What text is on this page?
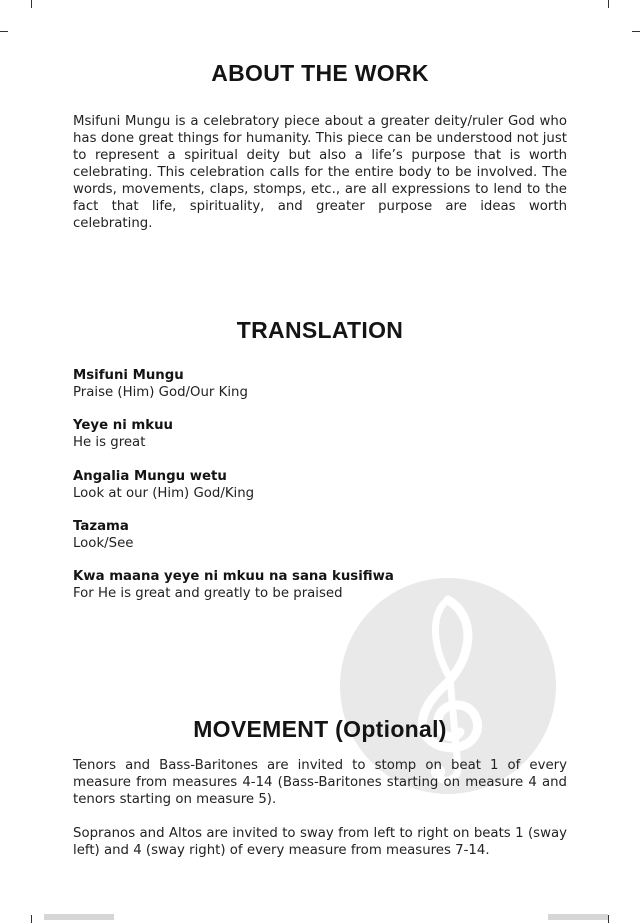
ABOUT THE WORK

Msifuni Mungu is a celebratory piece about a greater deity/ruler God who has done great things for humanity. This piece can be understood not just to represent a spiritual deity but also a life’s purpose that is worth celebrating. This celebration calls for the entire body to be involved. The words, movements, claps, stomps, etc., are all expressions to lend to the fact that life, spirituality, and greater purpose are ideas worth celebrating.

TRANSLATION
Msifuni Mungu
Praise (Him) God/Our King
Yeye ni mkuu
He is great
Angalia Mungu wetu
Look at our (Him) God/King
Tazama
Look/See
Kwa maana yeye ni mkuu na sana kusifiwa
For He is great and greatly to be praised
MOVEMENT (Optional)

Tenors and Bass-Baritones are invited to stomp on beat 1 of every measure from measures 4-14 (Bass-Baritones starting on measure 4 and tenors starting on measure 5).

Sopranos and Altos are invited to sway from left to right on beats 1 (sway left) and 4 (sway right) of every measure from measures 7-14.
